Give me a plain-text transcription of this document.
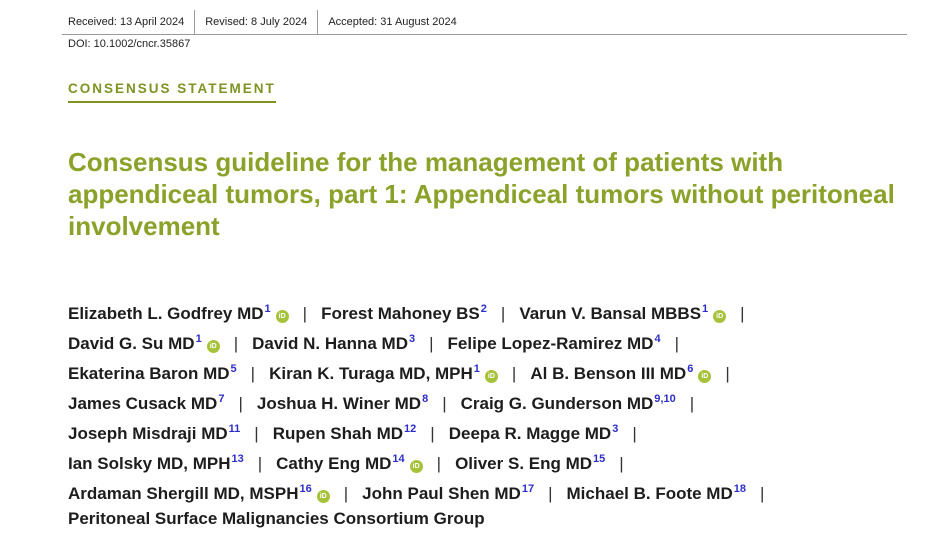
Received: 13 April 2024	Revised: 8 July 2024	Accepted: 31 August 2024
DOI: 10.1002/cncr.35867
CONSENSUS STATEMENT
Consensus guideline for the management of patients with appendiceal tumors, part 1: Appendiceal tumors without peritoneal involvement
Elizabeth L. Godfrey $MD^1iD$ | Forest Mahoney $BS^2$ | Varun V. Bansal MBBS$^1$iD |
David G. Su $MD^1iD$ | David N. Hanna $MD^3$ | Felipe Lopez-Ramirez $MD^4$ |
Ekaterina Baron $MD^5$ | Kiran K. Turaga MD, MPH$^1$iD | Al B. Benson III $MD^6iD$ |
James Cusack $MD^7$ | Joshua H. Winer $MD^8$ | Craig G. Gunderson MD$^{9,10}$ |
Joseph Misdraji MD$^{11}$ | Rupen Shah MD$^{12}$ | Deepa R. Magge $MD^3$ |
Ian Solsky MD, MPH$^{13}$ | Cathy Eng MD$^{14}$iD | Oliver S. Eng MD$^{15}$ |
Ardaman Shergill MD, MSPH$^{16}$iD | John Paul Shen MD$^{17}$ | Michael B. Foote MD$^{18}$ |
Peritoneal Surface Malignancies Consortium Group
